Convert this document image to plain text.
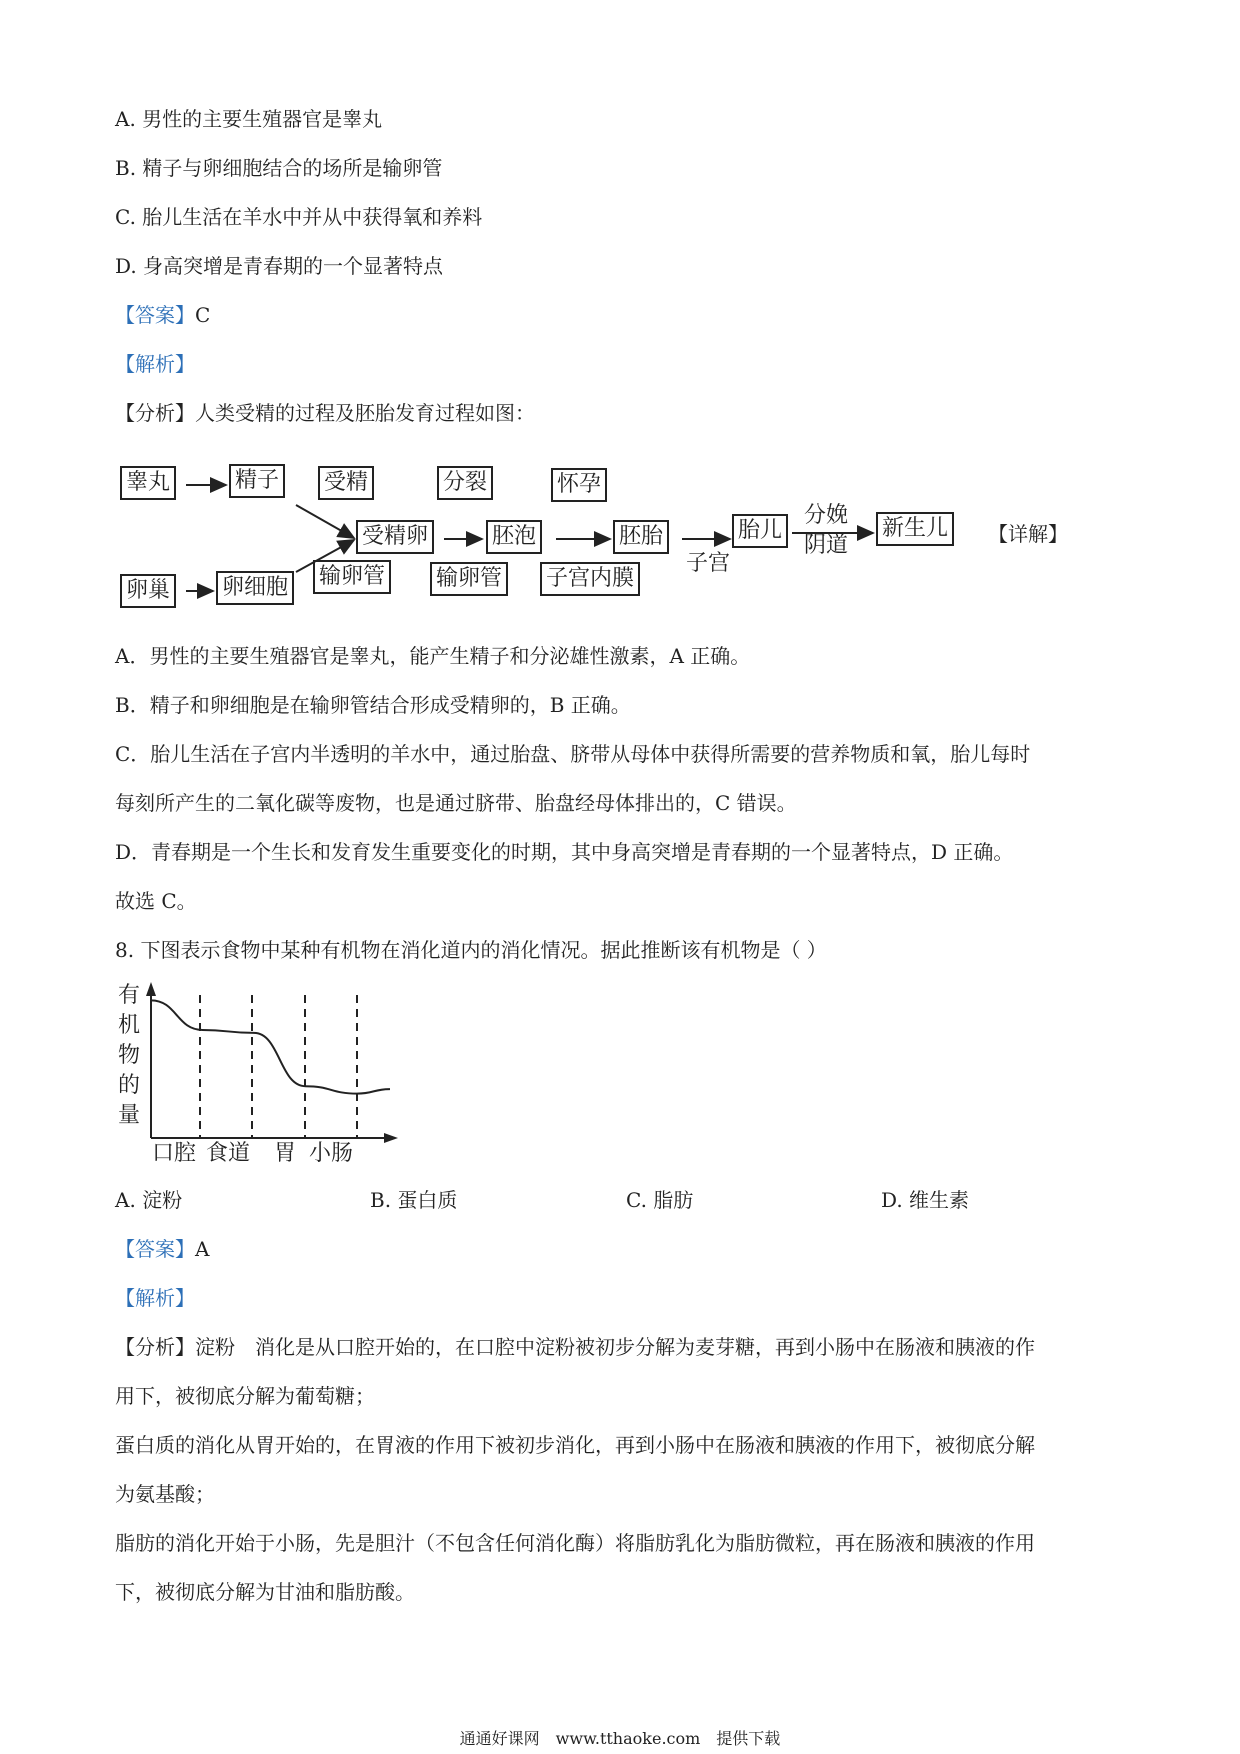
A. 男性的主要生殖器官是睾丸
B. 精子与卵细胞结合的场所是输卵管
C. 胎儿生活在羊水中并从中获得氧和养料
D. 身高突增是青春期的一个显著特点
【答案】C
【解析】
【分析】人类受精的过程及胚胎发育过程如图：
睾丸	精子 受精	分裂	怀孕
卵巢 卵细胞
受精卵	胚泡	胚胎	胎儿	新生儿
输卵管 输卵管 子宫内膜
子宫
分娩
阴道	【详解】
A．男性的主要生殖器官是睾丸，能产生精子和分泌雄性激素，A 正确。
B．精子和卵细胞是在输卵管结合形成受精卵的，B 正确。
C．胎儿生活在子宫内半透明的羊水中，通过胎盘、脐带从母体中获得所需要的营养物质和氧，胎儿每时
每刻所产生的二氧化碳等废物，也是通过脐带、胎盘经母体排出的，C 错误。
D．青春期是一个生长和发育发生重要变化的时期，其中身高突增是青春期的一个显著特点，D 正确。
故选 C。
8. 下图表示食物中某种有机物在消化道内的消化情况。据此推断该有机物是（ ）
有
机
物
的
量
口腔 食道 胃 小肠
A. 淀粉	B. 蛋白质	C. 脂肪	D. 维生素
【答案】A
【解析】
【分析】淀粉　消化是从口腔开始的，在口腔中淀粉被初步分解为麦芽糖，再到小肠中在肠液和胰液的作
用下，被彻底分解为葡萄糖；
蛋白质的消化从胃开始的，在胃液的作用下被初步消化，再到小肠中在肠液和胰液的作用下，被彻底分解
为氨基酸；
脂肪的消化开始于小肠，先是胆汁（不包含任何消化酶）将脂肪乳化为脂肪微粒，再在肠液和胰液的作用
下，被彻底分解为甘油和脂肪酸。
通通好课网　www.tthaoke.com　提供下载
